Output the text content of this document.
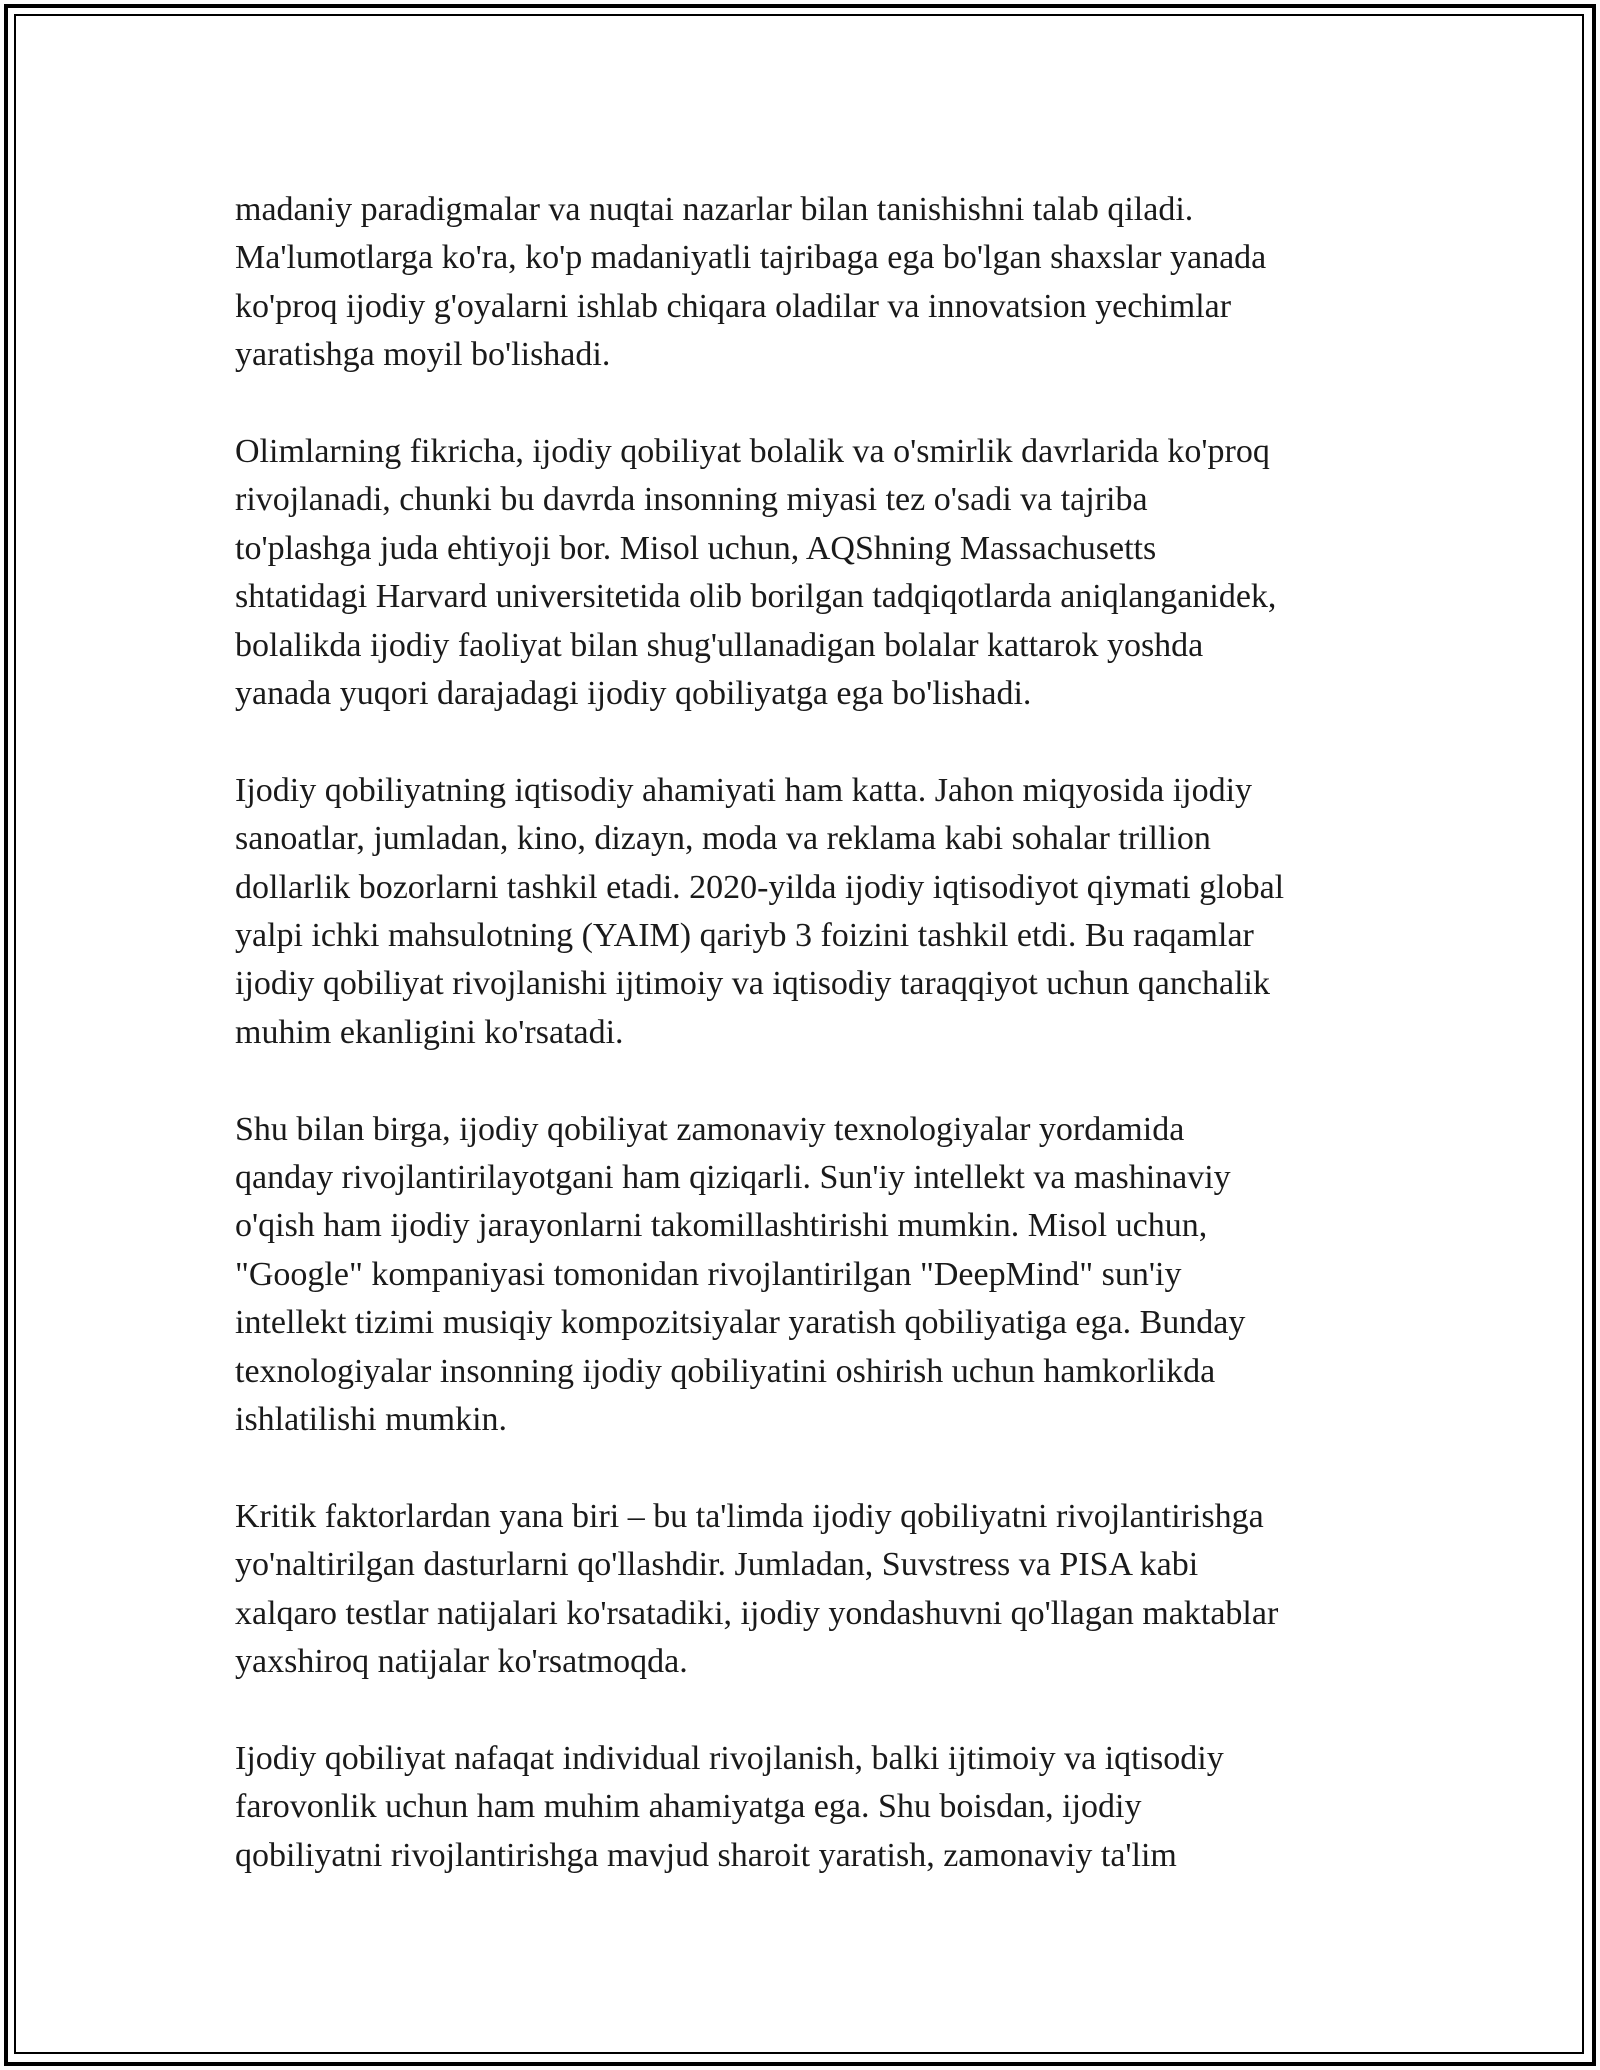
madaniy paradigmalar va nuqtai nazarlar bilan tanishishni talab qiladi.
Ma'lumotlarga ko'ra, ko'p madaniyatli tajribaga ega bo'lgan shaxslar yanada
ko'proq ijodiy g'oyalarni ishlab chiqara oladilar va innovatsion yechimlar
yaratishga moyil bo'lishadi.
Olimlarning fikricha, ijodiy qobiliyat bolalik va o'smirlik davrlarida ko'proq
rivojlanadi, chunki bu davrda insonning miyasi tez o'sadi va tajriba
to'plashga juda ehtiyoji bor. Misol uchun, AQShning Massachusetts
shtatidagi Harvard universitetida olib borilgan tadqiqotlarda aniqlanganidek,
bolalikda ijodiy faoliyat bilan shug'ullanadigan bolalar kattarok yoshda
yanada yuqori darajadagi ijodiy qobiliyatga ega bo'lishadi.
Ijodiy qobiliyatning iqtisodiy ahamiyati ham katta. Jahon miqyosida ijodiy
sanoatlar, jumladan, kino, dizayn, moda va reklama kabi sohalar trillion
dollarlik bozorlarni tashkil etadi. 2020-yilda ijodiy iqtisodiyot qiymati global
yalpi ichki mahsulotning (YAIM) qariyb 3 foizini tashkil etdi. Bu raqamlar
ijodiy qobiliyat rivojlanishi ijtimoiy va iqtisodiy taraqqiyot uchun qanchalik
muhim ekanligini ko'rsatadi.
Shu bilan birga, ijodiy qobiliyat zamonaviy texnologiyalar yordamida
qanday rivojlantirilayotgani ham qiziqarli. Sun'iy intellekt va mashinaviy
o'qish ham ijodiy jarayonlarni takomillashtirishi mumkin. Misol uchun,
"Google" kompaniyasi tomonidan rivojlantirilgan "DeepMind" sun'iy
intellekt tizimi musiqiy kompozitsiyalar yaratish qobiliyatiga ega. Bunday
texnologiyalar insonning ijodiy qobiliyatini oshirish uchun hamkorlikda
ishlatilishi mumkin.
Kritik faktorlardan yana biri – bu ta'limda ijodiy qobiliyatni rivojlantirishga
yo'naltirilgan dasturlarni qo'llashdir. Jumladan, Suvstress va PISA kabi
xalqaro testlar natijalari ko'rsatadiki, ijodiy yondashuvni qo'llagan maktablar
yaxshiroq natijalar ko'rsatmoqda.
Ijodiy qobiliyat nafaqat individual rivojlanish, balki ijtimoiy va iqtisodiy
farovonlik uchun ham muhim ahamiyatga ega. Shu boisdan, ijodiy
qobiliyatni rivojlantirishga mavjud sharoit yaratish, zamonaviy ta'lim
